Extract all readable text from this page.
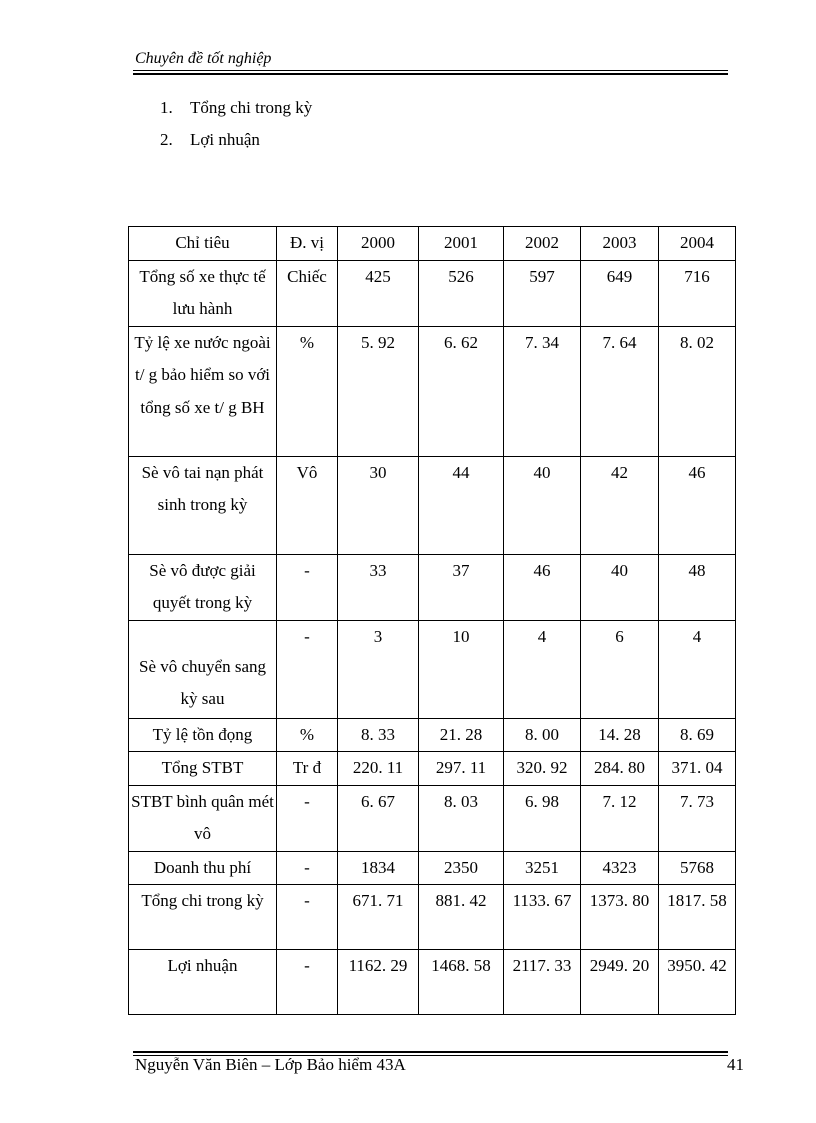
Chuyên đề tốt nghiệp
1. Tổng chi trong kỳ
2. Lợi nhuận
Chỉ tiêu	Đ. vị	2000	2001	2002	2003	2004
Tổng số xe thực tế lưu hành	Chiếc	425	526	597	649	716
Tỷ lệ xe nước ngoài t/ g bảo hiểm so với tổng số xe t/ g BH	%	5. 92	6. 62	7. 34	7. 64	8. 02
Sè vô tai nạn phát sinh trong kỳ	Vô	30	44	40	42	46
Sè vô được giải quyết trong kỳ	-	33	37	46	40	48
Sè vô chuyển sang kỳ sau	-	3	10	4	6	4
Tỷ lệ tồn đọng	%	8. 33	21. 28	8. 00	14. 28	8. 69
Tổng STBT	Tr đ	220. 11	297. 11	320. 92	284. 80	371. 04
STBT bình quân mét vô	-	6. 67	8. 03	6. 98	7. 12	7. 73
Doanh thu phí	-	1834	2350	3251	4323	5768
Tổng chi trong kỳ	-	671. 71	881. 42	1133. 67	1373. 80	1817. 58
Lợi nhuận	-	1162. 29	1468. 58	2117. 33	2949. 20	3950. 42
Nguyễn Văn Biên – Lớp Bảo hiểm 43A	41
